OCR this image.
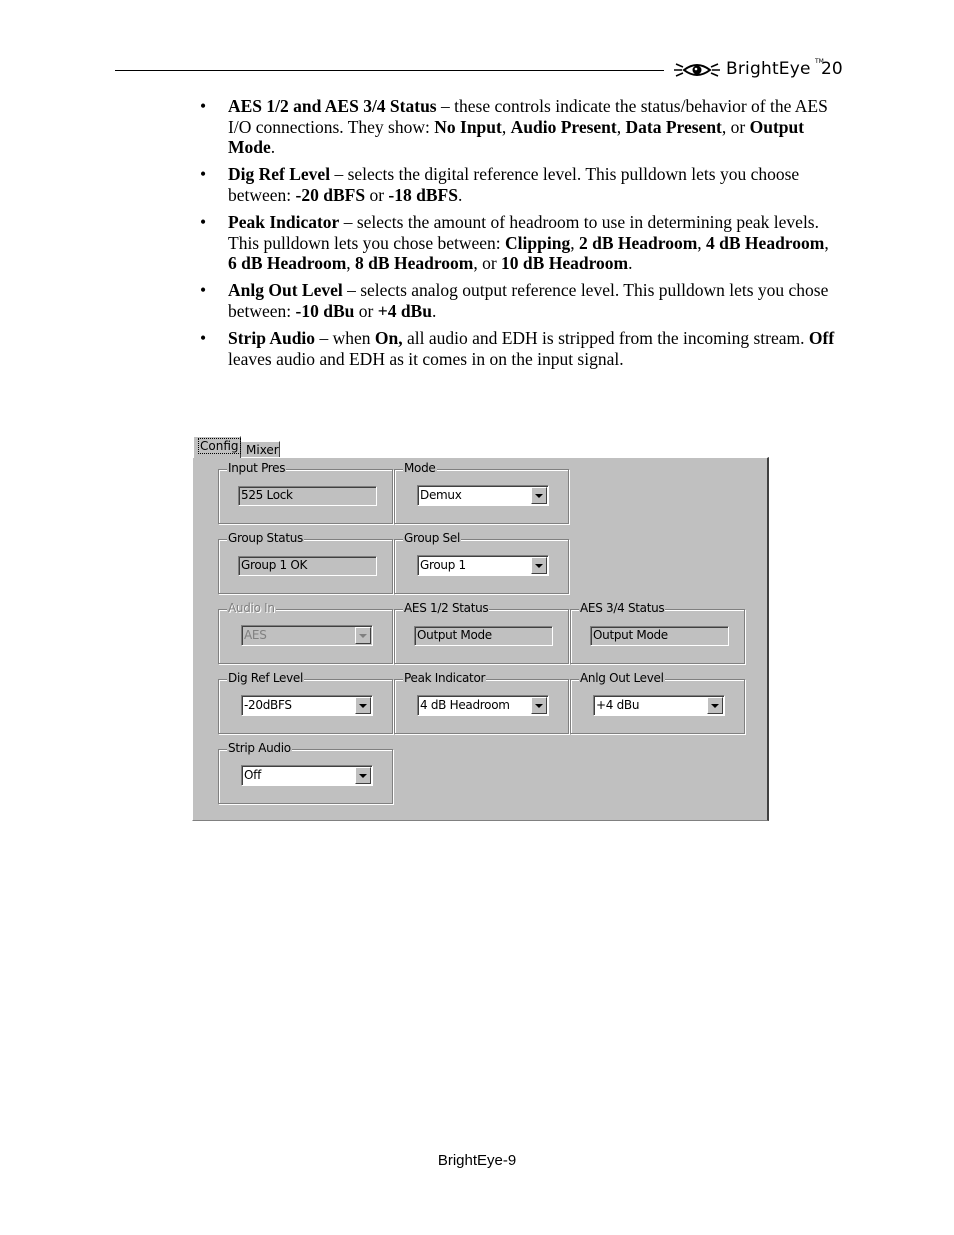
BrightEye TM
20
• AES 1/2 and AES 3/4 Status – these controls indicate the status/behavior of the AES I/O connections. They show: No Input, Audio Present, Data Present, or Output Mode.
• Dig Ref Level – selects the digital reference level. This pulldown lets you choose between: -20 dBFS or -18 dBFS.
• Peak Indicator – selects the amount of headroom to use in determining peak levels. This pulldown lets you chose between: Clipping, 2 dB Headroom, 4 dB Headroom, 6 dB Headroom, 8 dB Headroom, or 10 dB Headroom.
• Anlg Out Level – selects analog output reference level. This pulldown lets you chose between: -10 dBu or +4 dBu.
• Strip Audio – when On, all audio and EDH is stripped from the incoming stream. Off leaves audio and EDH as it comes in on the input signal.
Mixer
Input Pres
525 Lock
Mode
Demux
Group Status
Group 1 OK
Group Sel
Group 1
Audio In
AES
AES 1/2 Status
Output Mode
AES 3/4 Status
Output Mode
Dig Ref Level
-20dBFS
Peak Indicator
4 dB Headroom
Anlg Out Level
+4 dBu
Strip Audio
Off
Config
BrightEye-9
